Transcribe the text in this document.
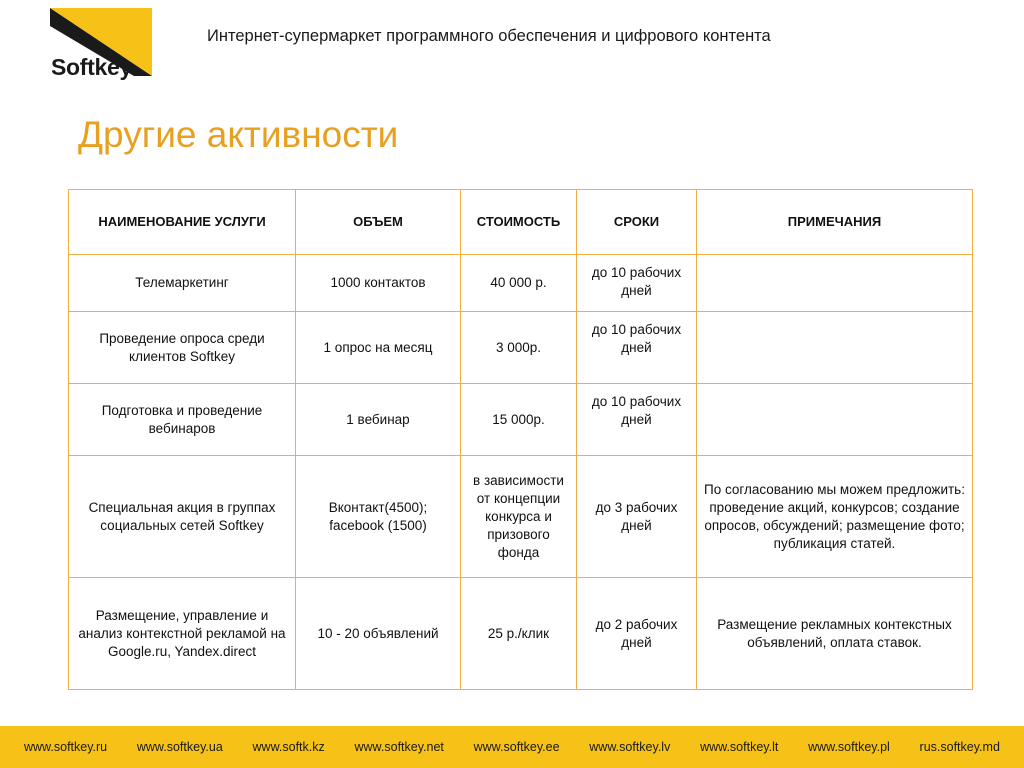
Softkey
Интернет-супермаркет программного обеспечения и цифрового контента
Другие активности
НАИМЕНОВАНИЕ УСЛУГИ	ОБЪЕМ	СТОИМОСТЬ	СРОКИ	ПРИМЕЧАНИЯ
Телемаркетинг	1000 контактов	40 000 р.	до 10 рабочих дней	
Проведение опроса среди клиентов Softkey	1 опрос на месяц	3 000р.	до 10 рабочих дней	
Подготовка и проведение вебинаров	1 вебинар	15 000р.	до 10 рабочих дней	
Специальная акция в группах социальных сетей Softkey	Вконтакт(4500); facebook (1500)	в зависимости от концепции конкурса и призового фонда	до 3 рабочих дней	По согласованию мы можем предложить: проведение акций, конкурсов; создание опросов, обсуждений; размещение фото; публикация статей.
Размещение, управление и анализ контекстной рекламой на Google.ru, Yandex.direct	10 - 20 объявлений	25 р./клик	до 2 рабочих дней	Размещение рекламных контекстных объявлений, оплата ставок.
www.softkey.ru www.softkey.ua www.softk.kz www.softkey.net www.softkey.ee www.softkey.lv www.softkey.lt www.softkey.pl rus.softkey.md
